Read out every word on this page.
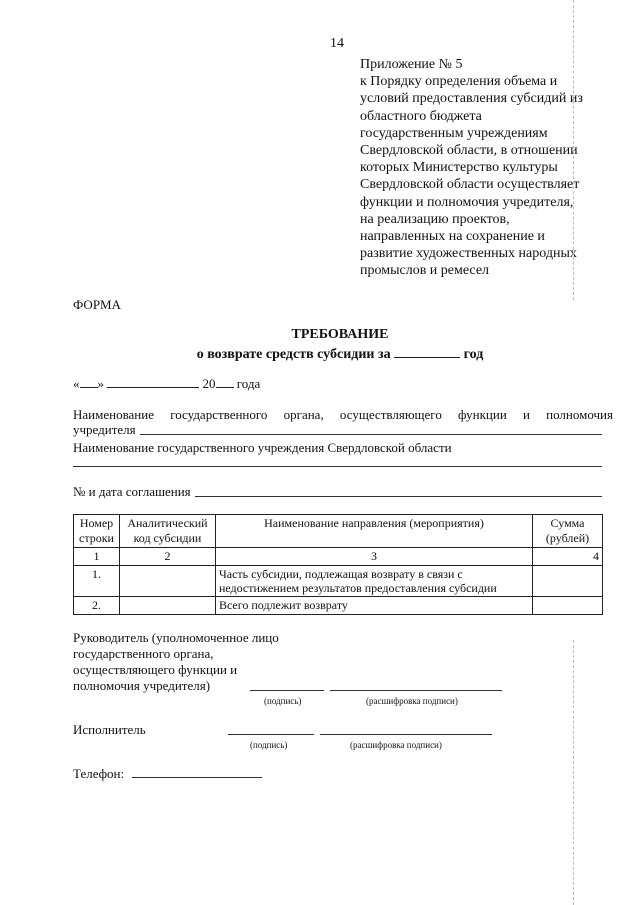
14
Приложение № 5
к Порядку определения объема и
условий предоставления субсидий из
областного бюджета
государственным учреждениям
Свердловской области, в отношении
которых Министерство культуры
Свердловской области осуществляет
функции и полномочия учредителя,
на реализацию проектов,
направленных на сохранение и
развитие художественных народных
промыслов и ремесел
ФОРМА
ТРЕБОВАНИЕ
о возврате средств субсидии за	год
« »	20 года
Наименование государственного органа, осуществляющего функции и полномочия
учредителя
Наименование государственного учреждения Свердловской области
№ и дата соглашения
Номер строки	Аналитический код субсидии	Наименование направления (мероприятия)	Сумма (рублей)
1	2	3	4
1.		Часть субсидии, подлежащая возврату в связи с недостижением результатов предоставления субсидии	
2.		Всего подлежит возврату	
Руководитель (уполномоченное лицо
государственного органа,
осуществляющего функции и
полномочия учредителя)
(подпись)	(расшифровка подписи)
Исполнитель
(подпись)	(расшифровка подписи)
Телефон:
